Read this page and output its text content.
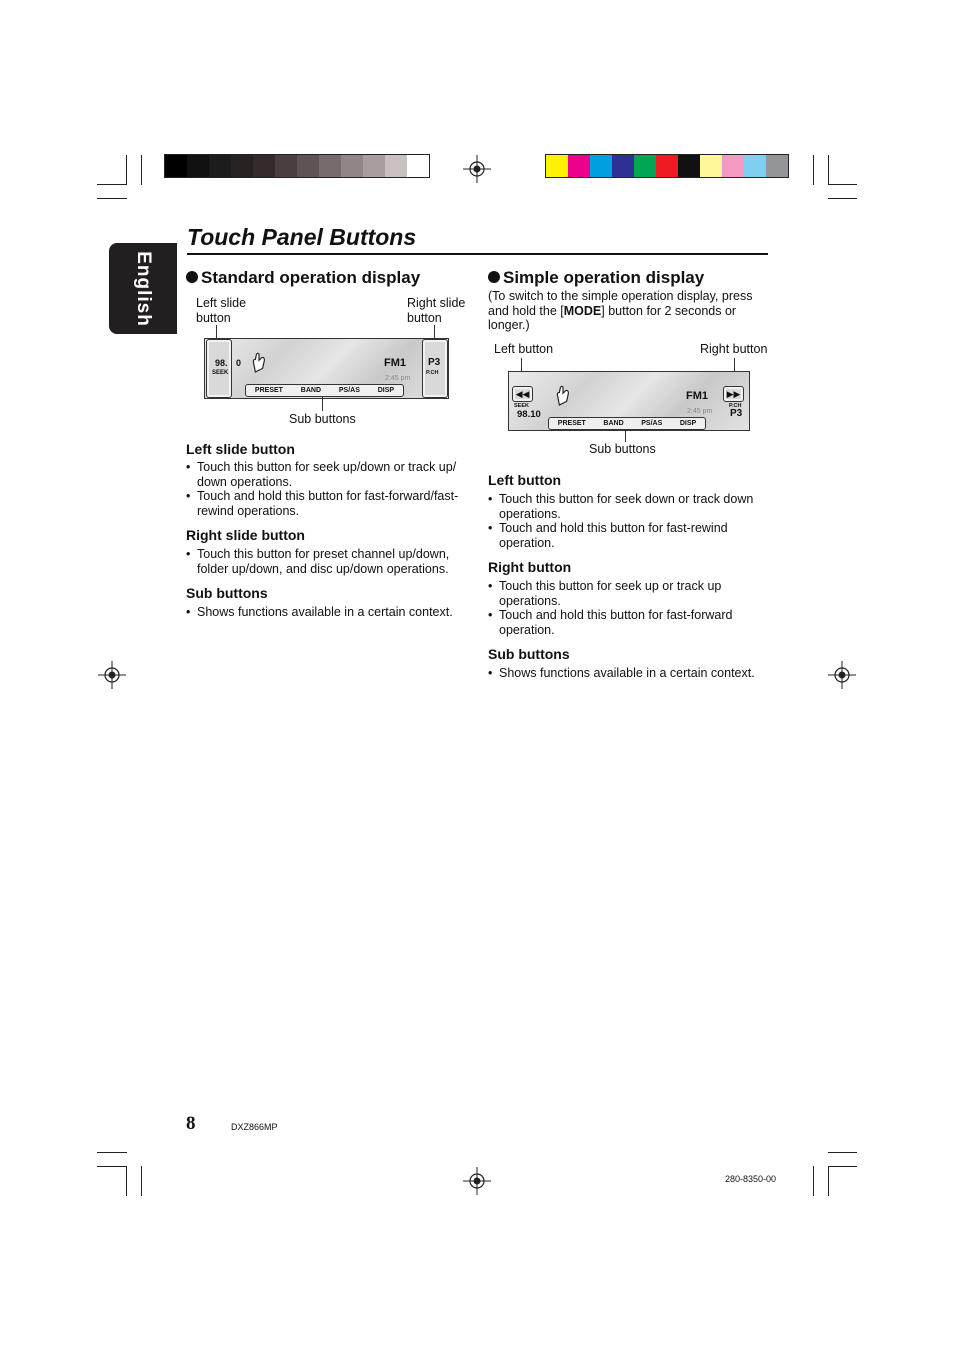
English
Touch Panel Buttons
Standard operation display
Left slide
button
Right slide
button
98. 0
SEEK
FM1 P3
P.CH
2:45 pm
PRESET	BAND	PS/AS	DISP
Sub buttons
Left slide button
• Touch this button for seek up/down or track up/ down operations.
• Touch and hold this button for fast-forward/fast- rewind operations.
Right slide button
• Touch this button for preset channel up/down, folder up/down, and disc up/down operations.
Sub buttons
• Shows functions available in a certain context.
Simple operation display
(To switch to the simple operation display, press and hold the [MODE] button for 2 seconds or longer.)
Left button	Right button
◀◀	▶▶
SEEK
98.10
FM1
P.CH
P3
2:45 pm
PRESET	BAND	PS/AS	DISP
Sub buttons
Left button
• Touch this button for seek down or track down operations.
• Touch and hold this button for fast-rewind operation.
Right button
• Touch this button for seek up or track up operations.
• Touch and hold this button for fast-forward operation.
Sub buttons
• Shows functions available in a certain context.
8	DXZ866MP
280-8350-00
